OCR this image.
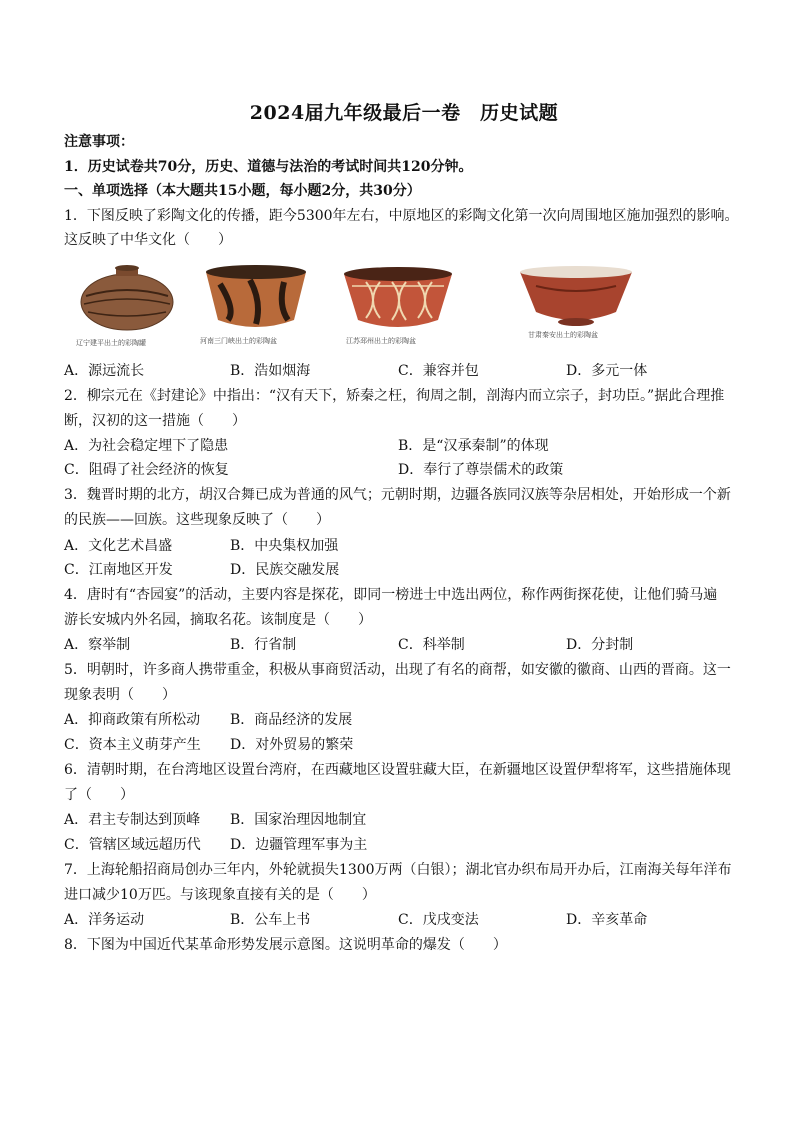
2024届九年级最后一卷　历史试题
注意事项：
1．历史试卷共70分，历史、道德与法治的考试时间共120分钟。
一、单项选择（本大题共15小题，每小题2分，共30分）
1．下图反映了彩陶文化的传播，距今5300年左右，中原地区的彩陶文化第一次向周围地区施加强烈的影响。
这反映了中华文化（　　）
辽宁建平出土的彩陶罐	河南三门峡出土的彩陶盆	江苏邳州出土的彩陶盆
甘肃秦安出土的彩陶盆
A．源远流长	B．浩如烟海	C．兼容并包	D．多元一体
2．柳宗元在《封建论》中指出：“汉有天下，矫秦之枉，徇周之制，剖海内而立宗子，封功臣。”据此合理推
断，汉初的这一措施（　　）
A．为社会稳定埋下了隐患	B．是“汉承秦制”的体现
C．阻碍了社会经济的恢复	D．奉行了尊崇儒术的政策
3．魏晋时期的北方，胡汉合舞已成为普通的风气；元朝时期，边疆各族同汉族等杂居相处，开始形成一个新
的民族——回族。这些现象反映了（　　）
A．文化艺术昌盛	B．中央集权加强
C．江南地区开发	D．民族交融发展
4．唐时有“杏园宴”的活动，主要内容是探花，即同一榜进士中选出两位，称作两街探花使，让他们骑马遍
游长安城内外名园，摘取名花。该制度是（　　）
A．察举制	B．行省制	C．科举制	D．分封制
5．明朝时，许多商人携带重金，积极从事商贸活动，出现了有名的商帮，如安徽的徽商、山西的晋商。这一
现象表明（　　）
A．抑商政策有所松动 B．商品经济的发展
C．资本主义萌芽产生 D．对外贸易的繁荣
6．清朝时期，在台湾地区设置台湾府，在西藏地区设置驻藏大臣，在新疆地区设置伊犁将军，这些措施体现
了（　　）
A．君主专制达到顶峰 B．国家治理因地制宜
C．管辖区域远超历代 D．边疆管理军事为主
7．上海轮船招商局创办三年内，外轮就损失1300万两（白银）；湖北官办织布局开办后，江南海关每年洋布
进口减少10万匹。与该现象直接有关的是（　　）
A．洋务运动	B．公车上书	C．戊戌变法	D．辛亥革命
8．下图为中国近代某革命形势发展示意图。这说明革命的爆发（　　）
